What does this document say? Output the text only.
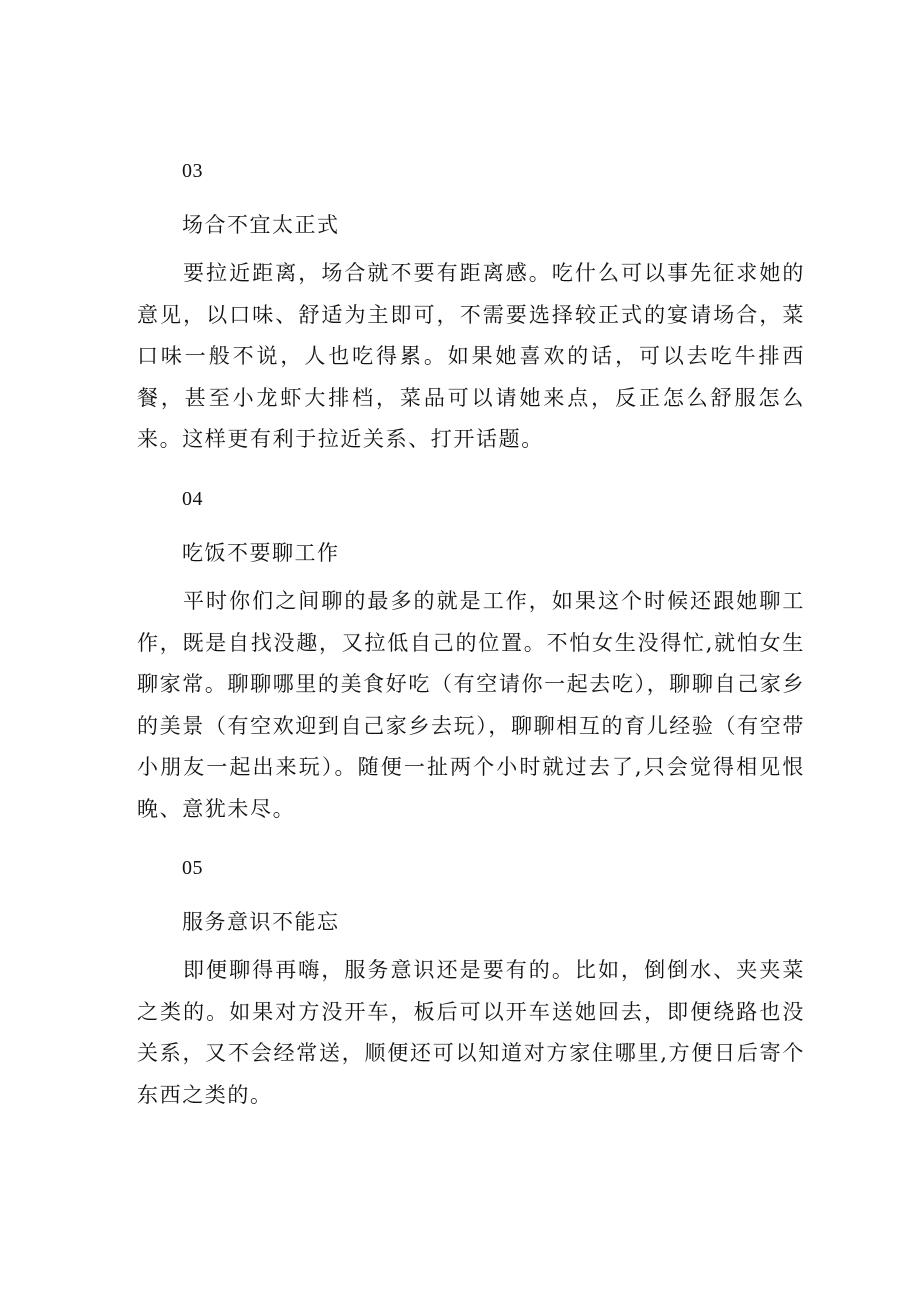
03
场合不宜太正式

要拉近距离，场合就不要有距离感。吃什么可以事先征求她的意见，以口味、舒适为主即可，不需要选择较正式的宴请场合，菜口味一般不说，人也吃得累。如果她喜欢的话，可以去吃牛排西餐，甚至小龙虾大排档，菜品可以请她来点，反正怎么舒服怎么来。这样更有利于拉近关系、打开话题。

04
吃饭不要聊工作

平时你们之间聊的最多的就是工作，如果这个时候还跟她聊工作，既是自找没趣，又拉低自己的位置。不怕女生没得忙,就怕女生聊家常。聊聊哪里的美食好吃（有空请你一起去吃），聊聊自己家乡的美景（有空欢迎到自己家乡去玩），聊聊相互的育儿经验（有空带小朋友一起出来玩）。随便一扯两个小时就过去了,只会觉得相见恨晚、意犹未尽。

05
服务意识不能忘

即便聊得再嗨，服务意识还是要有的。比如，倒倒水、夹夹菜之类的。如果对方没开车，板后可以开车送她回去，即便绕路也没关系，又不会经常送，顺便还可以知道对方家住哪里,方便日后寄个东西之类的。
